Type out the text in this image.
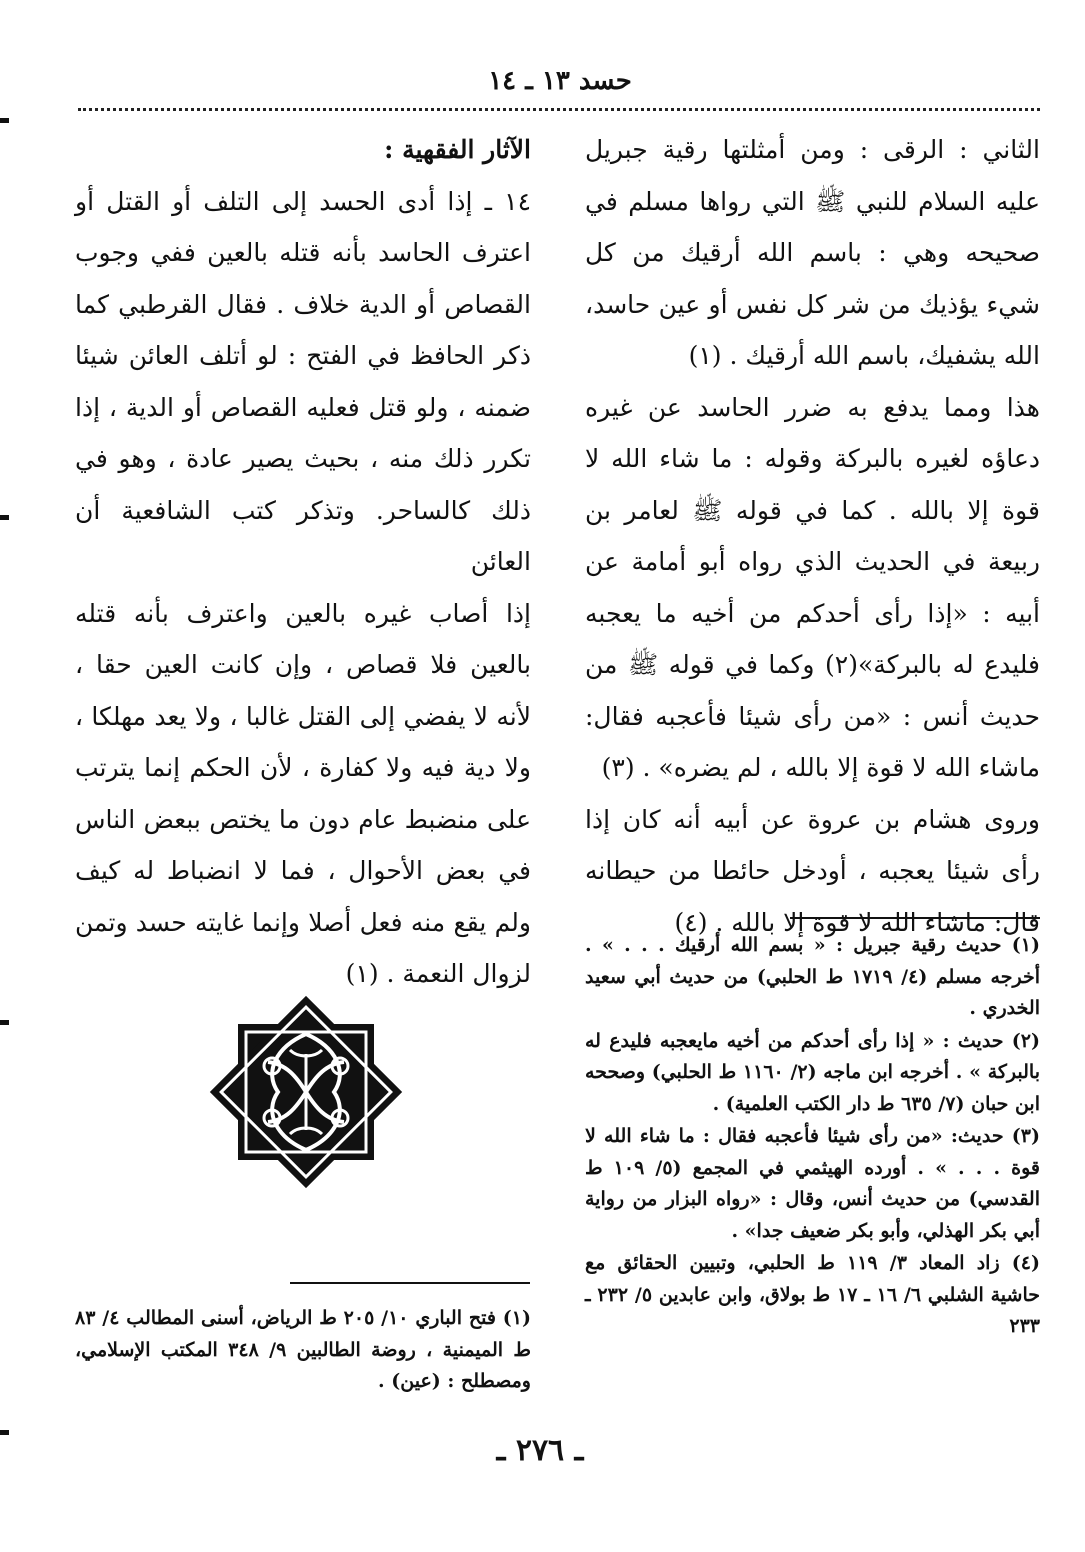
حسد ١٣ ـ ١٤

الثاني : الرقى : ومن أمثلتها رقية جبريل عليه السلام للنبي ﷺ التي رواها مسلم في صحيحه وهي : باسم الله أرقيك من كل شيء يؤذيك من شر كل نفس أو عين حاسد، الله يشفيك، باسم الله أرقيك . (١)

هذا ومما يدفع به ضرر الحاسد عن غيره دعاؤه لغيره بالبركة وقوله : ما شاء الله لا قوة إلا بالله . كما في قوله ﷺ لعامر بن ربيعة في الحديث الذي رواه أبو أمامة عن أبيه : «إذا رأى أحدكم من أخيه ما يعجبه فليدع له بالبركة»(٢) وكما في قوله ﷺ من حديث أنس : «من رأى شيئا فأعجبه فقال: ماشاء الله لا قوة إلا بالله ، لم يضره» . (٣)

وروى هشام بن عروة عن أبيه أنه كان إذا رأى شيئا يعجبه ، أودخل حائطا من حيطانه قال: ماشاء الله لا قوة إلا بالله . (٤)

الآثار الفقهية :

١٤ ـ إذا أدى الحسد إلى التلف أو القتل أو اعترف الحاسد بأنه قتله بالعين ففي وجوب القصاص أو الدية خلاف . فقال القرطبي كما ذكر الحافظ في الفتح : لو أتلف العائن شيئا ضمنه ، ولو قتل فعليه القصاص أو الدية ، إذا تكرر ذلك منه ، بحيث يصير عادة ، وهو في ذلك كالساحر. وتذكر كتب الشافعية أن العائن

إذا أصاب غيره بالعين واعترف بأنه قتله بالعين فلا قصاص ، وإن كانت العين حقا ، لأنه لا يفضي إلى القتل غالبا ، ولا يعد مهلكا ، ولا دية فيه ولا كفارة ، لأن الحكم إنما يترتب على منضبط عام دون ما يختص ببعض الناس في بعض الأحوال ، فما لا انضباط له كيف ولم يقع منه فعل أصلا وإنما غايته حسد وتمن لزوال النعمة . (١)

(١) حديث رقية جبريل : « بسم الله أرقيك . . . » . أخرجه مسلم (٤/ ١٧١٩ ط الحلبي) من حديث أبي سعيد الخدري .

(٢) حديث : « إذا رأى أحدكم من أخيه مايعجبه فليدع له بالبركة » . أخرجه ابن ماجه (٢/ ١١٦٠ ط الحلبي) وصححه ابن حبان (٧/ ٦٣٥ ط دار الكتب العلمية) .

(٣) حديث: «من رأى شيئا فأعجبه فقال : ما شاء الله لا قوة . . . » . أورده الهيثمي في المجمع (٥/ ١٠٩ ط القدسي) من حديث أنس، وقال : «رواه البزار من رواية أبي بكر الهذلي، وأبو بكر ضعيف جدا» .

(٤) زاد المعاد ٣/ ١١٩ ط الحلبي، وتبيين الحقائق مع حاشية الشلبي ٦/ ١٦ ـ ١٧ ط بولاق، وابن عابدين ٥/ ٢٣٢ ـ ٢٣٣

(١) فتح الباري ١٠/ ٢٠٥ ط الرياض، أسنى المطالب ٤/ ٨٣ ط الميمنية ، روضة الطالبين ٩/ ٣٤٨ المكتب الإسلامي، ومصطلح : (عين) .

ـ ٢٧٦ ـ
